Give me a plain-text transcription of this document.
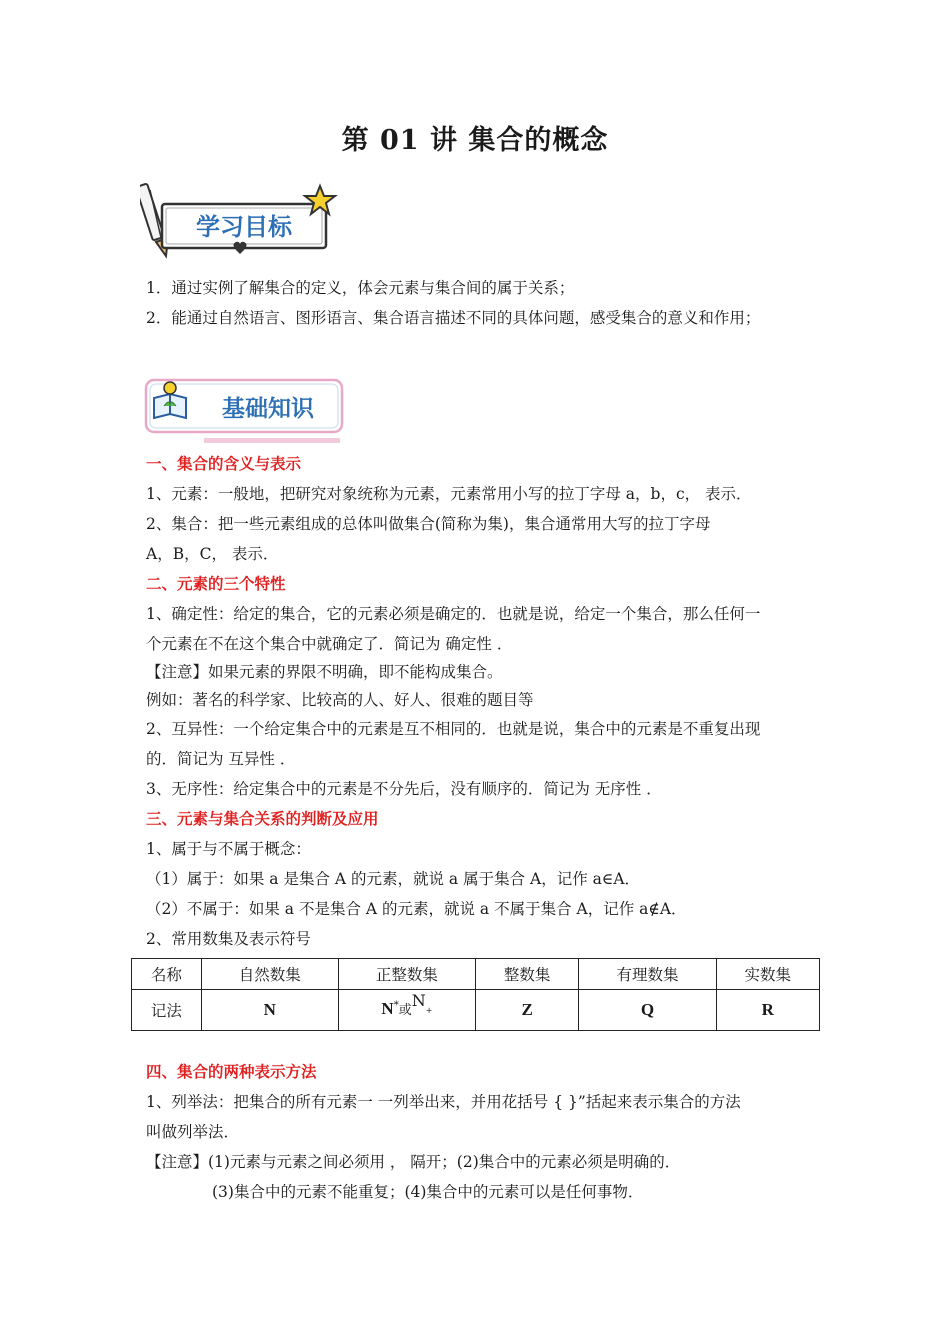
第 01 讲 集合的概念
学习目标
1．通过实例了解集合的定义，体会元素与集合间的属于关系；
2．能通过自然语言、图形语言、集合语言描述不同的具体问题，感受集合的意义和作用；
基础知识
一、集合的含义与表示
1、元素：一般地，把研究对象统称为元素，元素常用小写的拉丁字母 a，b，c， 表示．
2、集合：把一些元素组成的总体叫做集合(简称为集)，集合通常用大写的拉丁字母
A，B，C， 表示．
二、元素的三个特性
1、确定性：给定的集合，它的元素必须是确定的．也就是说，给定一个集合，那么任何一
个元素在不在这个集合中就确定了．简记为 确定性 ．
【注意】如果元素的界限不明确，即不能构成集合。
例如：著名的科学家、比较高的人、好人、很难的题目等
2、互异性：一个给定集合中的元素是互不相同的．也就是说，集合中的元素是不重复出现
的．简记为 互异性 ．
3、无序性：给定集合中的元素是不分先后，没有顺序的．简记为 无序性 ．
三、元素与集合关系的判断及应用
1、属于与不属于概念：
（1）属于：如果 a 是集合 A 的元素，就说 a 属于集合 A，记作 a∈A．
（2）不属于：如果 a 不是集合 A 的元素，就说 a 不属于集合 A，记作 a∉A．
2、常用数集及表示符号
名称	自然数集	正整数集	整数集	有理数集	实数集
记法	N	N*或$N_+$	Z	Q	R
四、集合的两种表示方法
1、列举法：把集合的所有元素一 一列举出来，并用花括号 { }”括起来表示集合的方法
叫做列举法．
【注意】(1)元素与元素之间必须用 ， 隔开；(2)集合中的元素必须是明确的．
(3)集合中的元素不能重复；(4)集合中的元素可以是任何事物．
